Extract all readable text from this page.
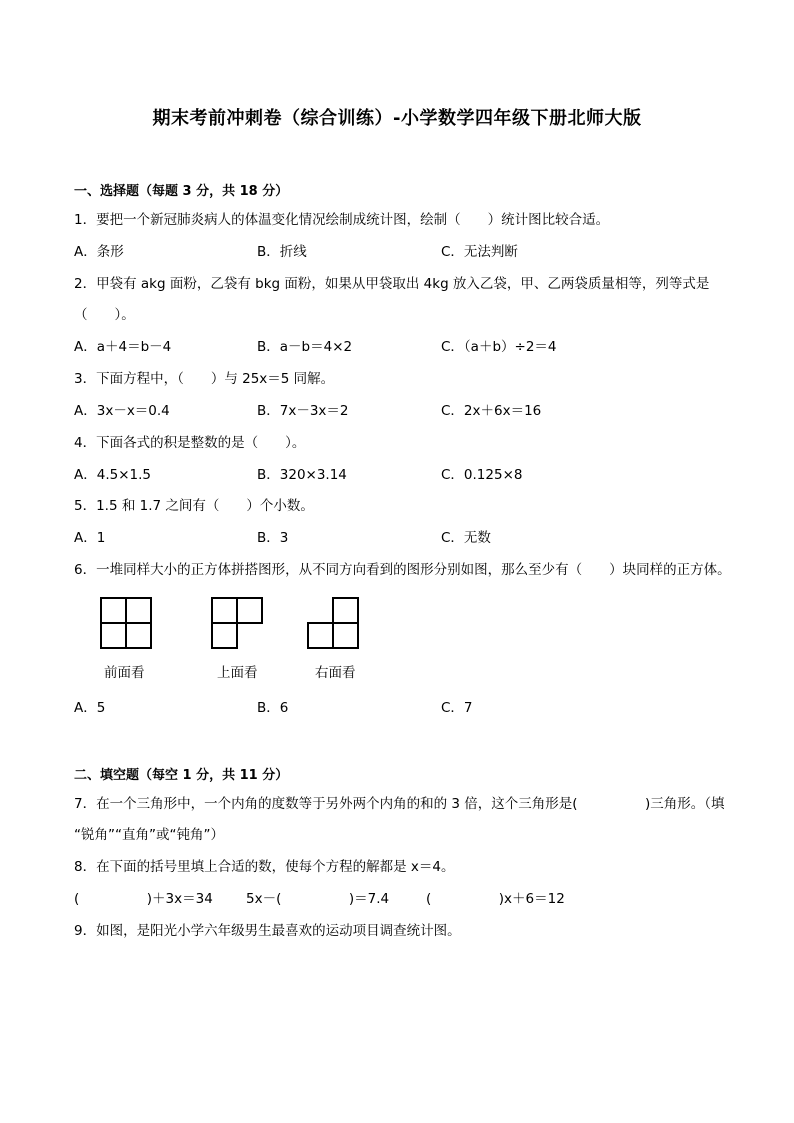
期末考前冲刺卷（综合训练）-小学数学四年级下册北师大版
一、选择题（每题 3 分，共 18 分）
1．要把一个新冠肺炎病人的体温变化情况绘制成统计图，绘制（　　）统计图比较合适。
A．条形	B．折线	C．无法判断
2．甲袋有 akg 面粉，乙袋有 bkg 面粉，如果从甲袋取出 4kg 放入乙袋，甲、乙两袋质量相等，列等式是
（　　）。
A．a＋4＝b－4	B．a－b＝4×2	C．（a＋b）÷2＝4
3．下面方程中，（　　）与 25x＝5 同解。
A．3x－x＝0.4	B．7x－3x＝2	C．2x＋6x＝16
4．下面各式的积是整数的是（　　）。
A．4.5×1.5	B．320×3.14	C．0.125×8
5．1.5 和 1.7 之间有（　　）个小数。
A．1	B．3	C．无数
6．一堆同样大小的正方体拼搭图形，从不同方向看到的图形分别如图，那么至少有（　　）块同样的正方体。
前面看	上面看	右面看
A．5	B．6	C．7
二、填空题（每空 1 分，共 11 分）
7．在一个三角形中，一个内角的度数等于另外两个内角的和的 3 倍，这个三角形是(　　　　　)三角形。（填
“锐角”“直角”或“钝角”）
8．在下面的括号里填上合适的数，使每个方程的解都是 x＝4。
(　　　　　)＋3x＝34 5x－(　　　　　)＝7.4	(　　　　　)x＋6＝12
9．如图，是阳光小学六年级男生最喜欢的运动项目调查统计图。
